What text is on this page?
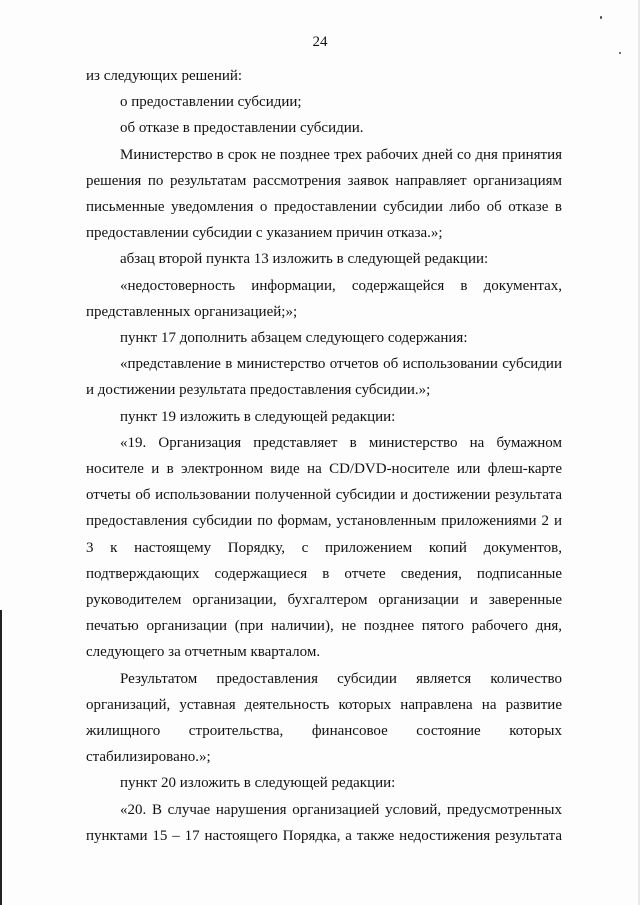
24

из следующих решений:

о предоставлении субсидии;

об отказе в предоставлении субсидии.

Министерство в срок не позднее трех рабочих дней со дня принятия решения по результатам рассмотрения заявок направляет организациям письменные уведомления о предоставлении субсидии либо об отказе в предоставлении субсидии с указанием причин отказа.»;

абзац второй пункта 13 изложить в следующей редакции:

«недостоверность информации, содержащейся в документах, представленных организацией;»;

пункт 17 дополнить абзацем следующего содержания:

«представление в министерство отчетов об использовании субсидии и достижении результата предоставления субсидии.»;

пункт 19 изложить в следующей редакции:

«19. Организация представляет в министерство на бумажном носителе и в электронном виде на CD/DVD-носителе или флеш-карте отчеты об использовании полученной субсидии и достижении результата предоставления субсидии по формам, установленным приложениями 2 и 3 к настоящему Порядку, с приложением копий документов, подтверждающих содержащиеся в отчете сведения, подписанные руководителем организации, бухгалтером организации и заверенные печатью организации (при наличии), не позднее пятого рабочего дня, следующего за отчетным кварталом.

Результатом предоставления субсидии является количество организаций, уставная деятельность которых направлена на развитие жилищного строительства, финансовое состояние которых стабилизировано.»;

пункт 20 изложить в следующей редакции:

«20. В случае нарушения организацией условий, предусмотренных пунктами 15 – 17 настоящего Порядка, а также недостижения результата
